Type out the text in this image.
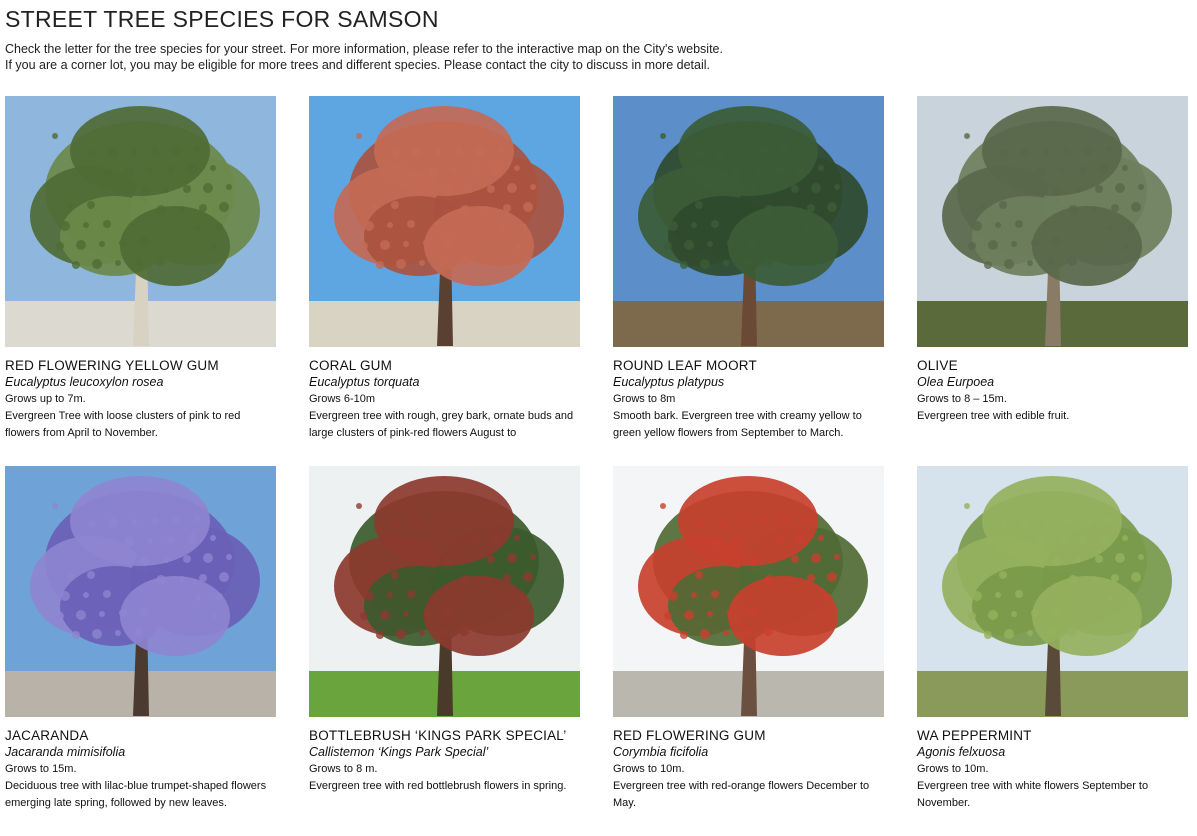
STREET TREE SPECIES FOR SAMSON

Check the letter for the tree species for your street. For more information, please refer to the interactive map on the City's website.

If you are a corner lot, you may be eligible for more trees and different species. Please contact the city to discuss in more detail.

RED FLOWERING YELLOW GUM
Eucalyptus leucoxylon rosea
Grows up to 7m.
Evergreen Tree with loose clusters of pink to red flowers from April to November.
CORAL GUM
Eucalyptus torquata
Grows 6-10m
Evergreen tree with rough, grey bark, ornate buds and large clusters of pink-red flowers August to
ROUND LEAF MOORT
Eucalyptus platypus
Grows to 8m
Smooth bark. Evergreen tree with creamy yellow to green yellow flowers from September to March.
OLIVE
Olea Eurpoea
Grows to 8 – 15m.
Evergreen tree with edible fruit.
JACARANDA
Jacaranda mimisifolia
Grows to 15m.
Deciduous tree with lilac-blue trumpet-shaped flowers emerging late spring, followed by new leaves.
BOTTLEBRUSH ‘KINGS PARK SPECIAL’
Callistemon ‘Kings Park Special’
Grows to 8 m.
Evergreen tree with red bottlebrush flowers in spring.
RED FLOWERING GUM
Corymbia ficifolia
Grows to 10m.
Evergreen tree with red-orange flowers December to May.
WA PEPPERMINT
Agonis felxuosa
Grows to 10m.
Evergreen tree with white flowers September to November.
